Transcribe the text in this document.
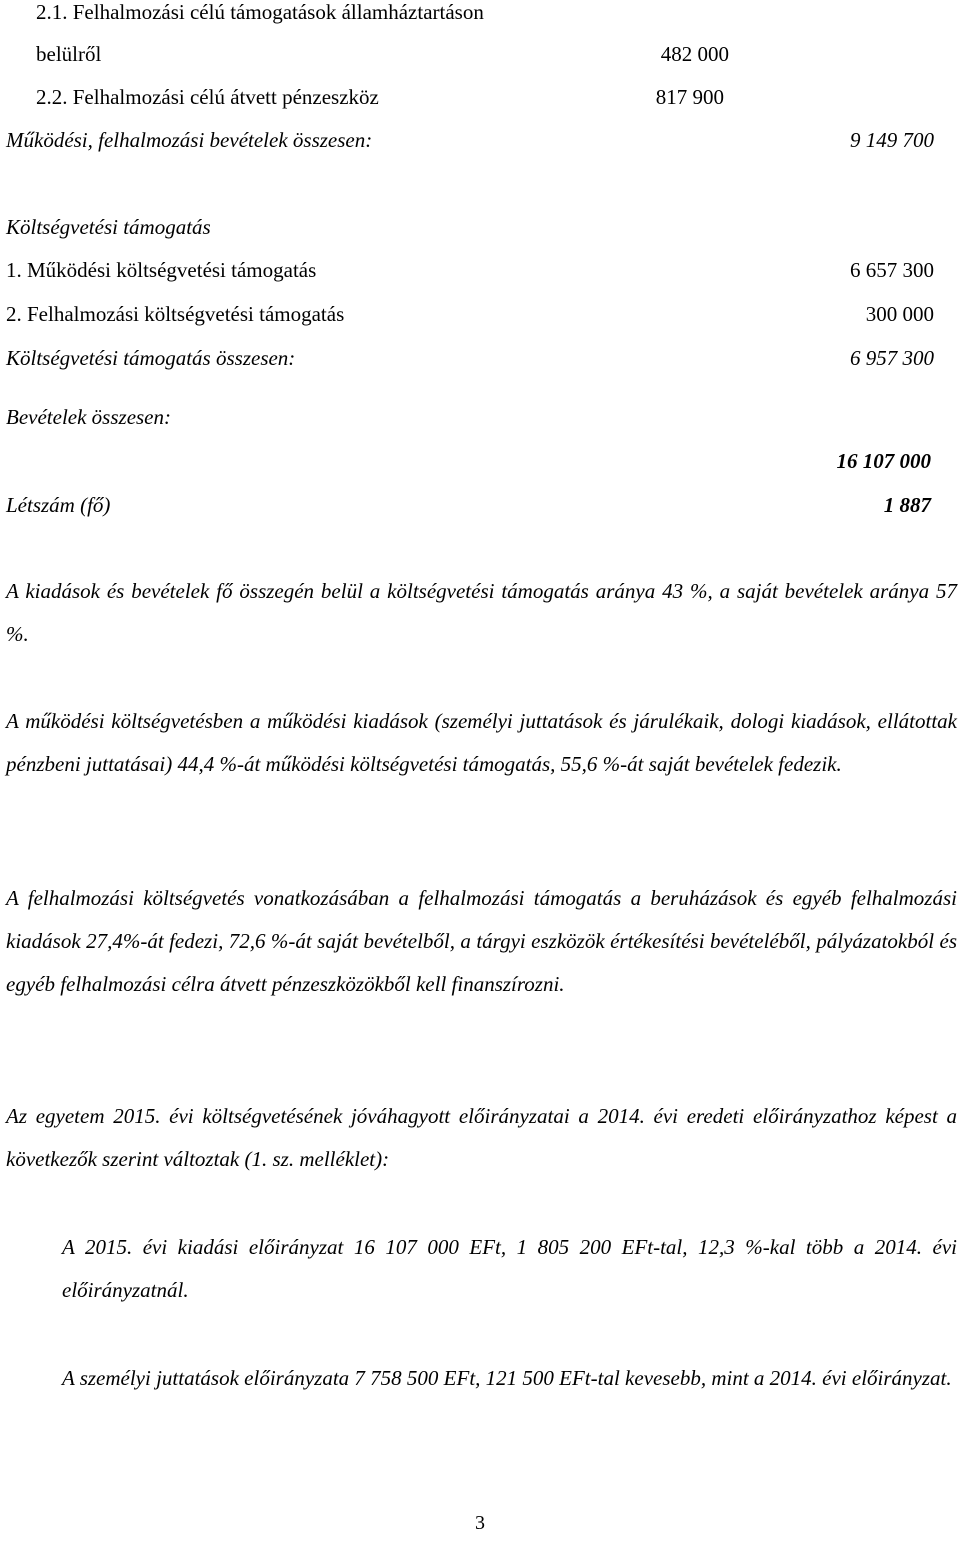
2.1. Felhalmozási célú támogatások államháztartáson
belülről	482 000
2.2. Felhalmozási célú átvett pénzeszköz	817 900
Működési, felhalmozási bevételek összesen:	9 149 700
Költségvetési támogatás
1. Működési költségvetési támogatás	6 657 300
2. Felhalmozási költségvetési támogatás	300 000
Költségvetési támogatás összesen:	6 957 300
Bevételek összesen:
16 107 000
Létszám (fő)	1 887

A kiadások és bevételek fő összegén belül a költségvetési támogatás aránya 43 %, a saját bevételek aránya 57 %.

A működési költségvetésben a működési kiadások (személyi juttatások és járulékaik, dologi kiadások, ellátottak pénzbeni juttatásai) 44,4 %-át működési költségvetési támogatás, 55,6 %-át saját bevételek fedezik.

A felhalmozási költségvetés vonatkozásában a felhalmozási támogatás a beruházások és egyéb felhalmozási kiadások 27,4%-át fedezi, 72,6 %-át saját bevételből, a tárgyi eszközök értékesítési bevételéből, pályázatokból és egyéb felhalmozási célra átvett pénzeszközökből kell finanszírozni.

Az egyetem 2015. évi költségvetésének jóváhagyott előirányzatai a 2014. évi eredeti előirányzathoz képest a következők szerint változtak (1. sz. melléklet):

A 2015. évi kiadási előirányzat 16 107 000 EFt, 1 805 200 EFt-tal, 12,3 %-kal több a 2014. évi előirányzatnál.

A személyi juttatások előirányzata 7 758 500 EFt, 121 500 EFt-tal kevesebb, mint a 2014. évi előirányzat.

3
